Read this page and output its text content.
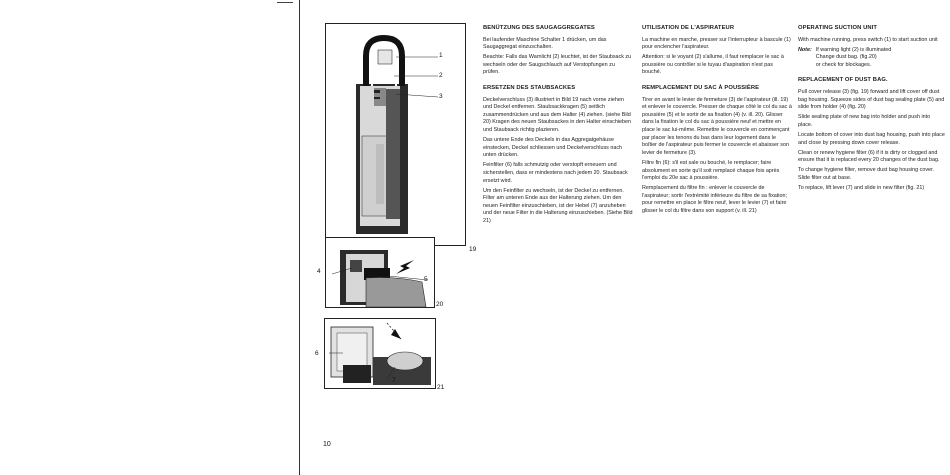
1
2
3
19
4
5
20
6
7
21
BENÜTZUNG DES SAUGAGGREGATES

Bei laufender Maschine Schalter 1 drücken, um das Saugaggregat einzuschalten.

Beachte: Falls das Warnlicht (2) leuchtet, ist der Staubsack zu wechseln oder der Saugschlauch auf Verstopfungen zu prüfen.

ERSETZEN DES STAUBSACKES

Deckelverschluss (3) illustriert in Bild 19 nach vorne ziehen und Deckel entfernen. Staubsackkragen (5) seitlich zusammendrücken und aus dem Halter (4) ziehen. (siehe Bild 20) Kragen des neuen Staubsackes in den Halter einschieben und Staubsack richtig plazieren.

Das untere Ende des Deckels in das Aggregatgehäuse einstecken, Deckel schliessen und Deckelverschluss nach unten drücken.

Feinfilter (6) falls schmutzig oder verstopft erneuern und sicherstellen, dass er mindestens nach jedem 20. Staubsack ersetzt wird.

Um den Feinfilter zu wechseln, ist der Deckel zu entfernen. Filter am unteren Ende aus der Halterung ziehen. Um den neuen Feinfilter einzuschieben, ist der Hebel (7) anzuheben und der neue Filter in die Halterung einzuschieben. (Siehe Bild 21)

UTILISATION DE L'ASPIRATEUR

La machine en marche, presser sur l'interrupteur à bascule (1) pour enclencher l'aspirateur.

Attention: si le voyant (2) s'allume, il faut remplacer le sac à poussière ou contrôler si le tuyau d'aspiration n'est pas bouché.

REMPLACEMENT DU SAC À POUSSIÈRE

Tirer en avant le levier de fermeture (3) de l'aspirateur (ill. 19) et enlever le couvercle. Presser de chaque côté le col du sac à poussière (5) et le sortir de sa fixation (4) (v. ill. 20). Glisser dans la fixation le col du sac à poussière neuf et mettre en place le sac lui-même. Remettre le couvercle en commençant par placer les tenons du bas dans leur logement dans le boîtier de l'aspirateur puis fermer le couvercle et abaisser son levier de fermeture (3).

Filtre fin (6): s'il est sale ou bouché, le remplacer; faire absolument en sorte qu'il soit remplacé chaque fois après l'emploi du 20e sac à poussière.

Remplacement du filtre fin : enlever le couvercle de l'aspirateur; sortir l'extrémité inférieure du filtre de sa fixation; pour remettre en place le filtre neuf, lever le levier (7) et faire glisser le col du filtre dans son support (v. ill. 21)

OPERATING SUCTION UNIT

With machine running, press switch (1) to start suction unit

Note: If warning light (2) is illuminated
Change dust bag. (fig.20)
or check for blockages.
REPLACEMENT OF DUST BAG.

Pull cover release (3) (fig. 19) forward and lift cover off dust bag housing. Squeeze sides of dust bag sealing plate (5) and slide from holder (4) (fig. 20)

Slide sealing plate of new bag into holder and push into place.

Locate bottom of cover into dust bag housing, push into place and close by pressing down cover release.

Clean or renew hygiene filter (6) if it is dirty or clogged and ensure that it is replaced every 20 changes of the dust bag.

To change hygiene filter, remove dust bag housing cover. Slide filter out at base.

To replace, lift lever (7) and slide in new filter (fig. 21)

10
